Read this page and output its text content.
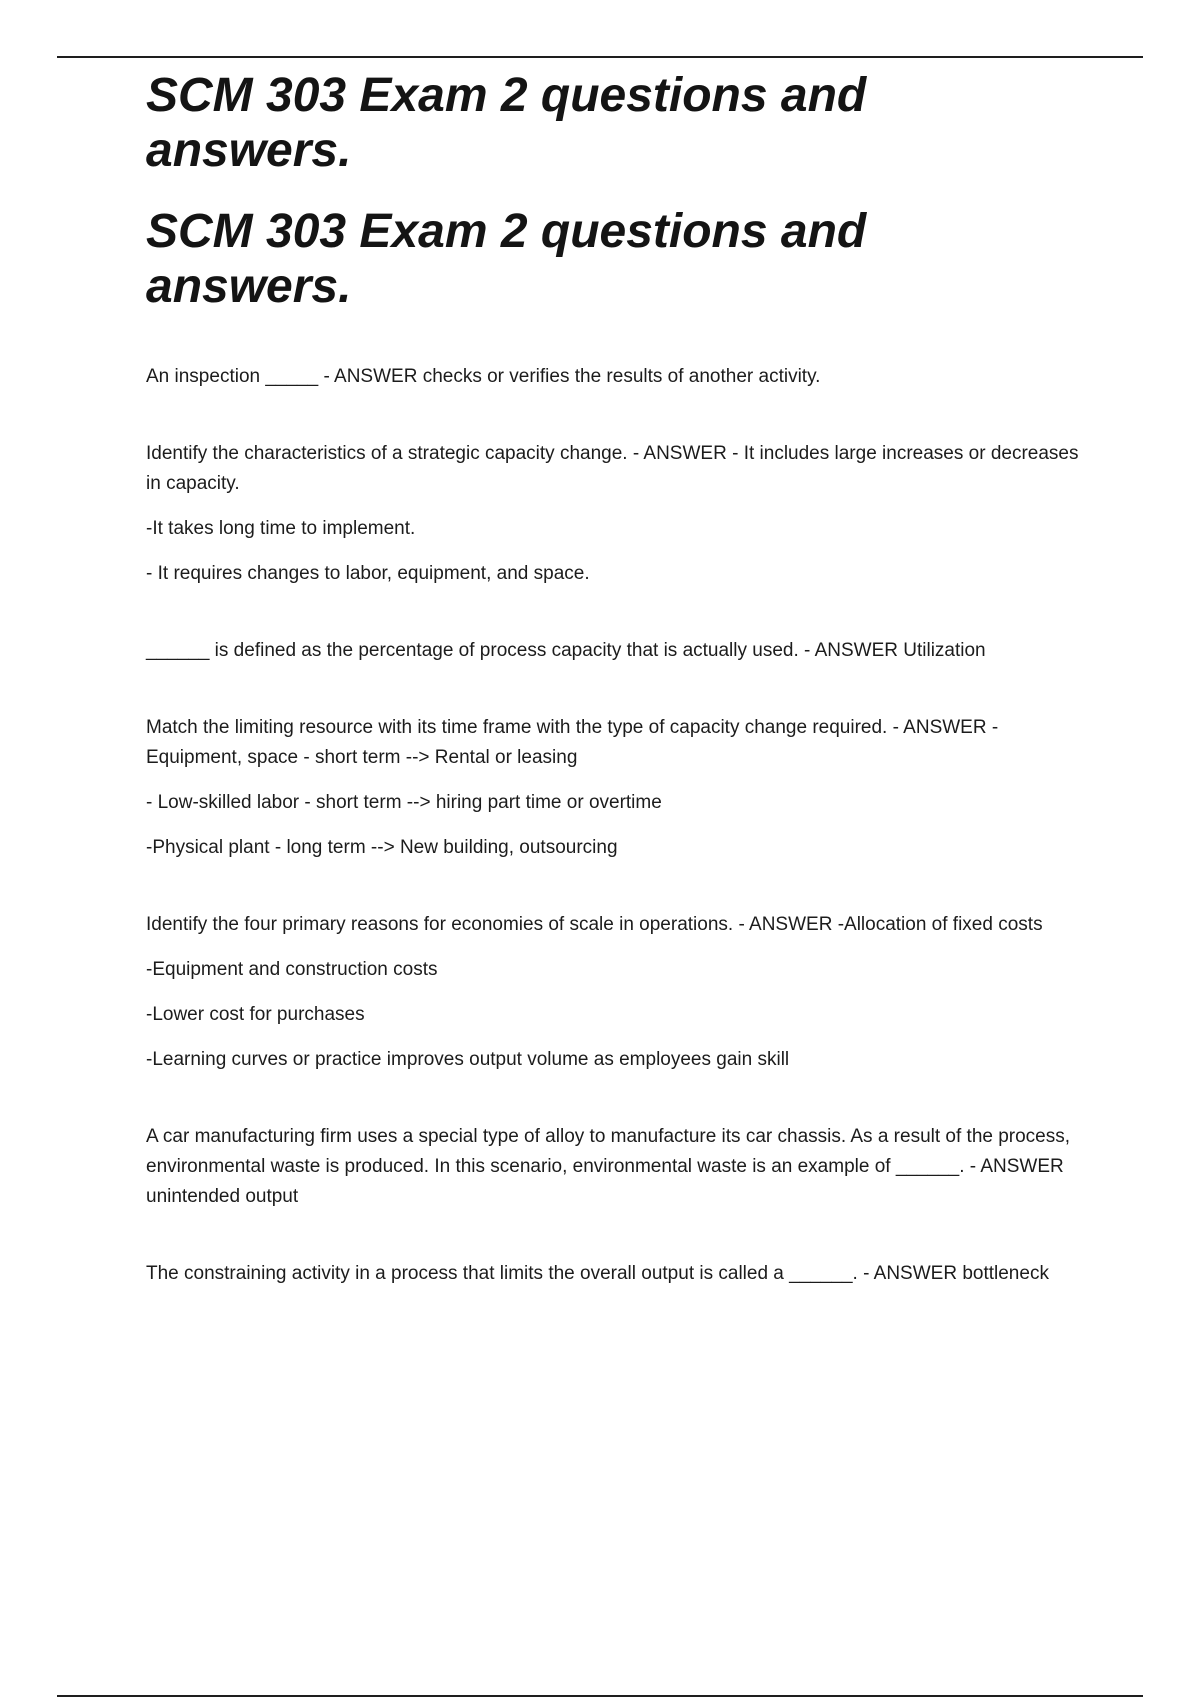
SCM 303 Exam 2 questions and answers.
SCM 303 Exam 2 questions and answers.

An inspection _____ - ANSWER checks or verifies the results of another activity.

Identify the characteristics of a strategic capacity change. - ANSWER - It includes large increases or decreases in capacity.

-It takes long time to implement.

- It requires changes to labor, equipment, and space.

______ is defined as the percentage of process capacity that is actually used. - ANSWER Utilization

Match the limiting resource with its time frame with the type of capacity change required. - ANSWER - Equipment, space - short term --> Rental or leasing

- Low-skilled labor - short term --> hiring part time or overtime

-Physical plant - long term --> New building, outsourcing

Identify the four primary reasons for economies of scale in operations. - ANSWER -Allocation of fixed costs

-Equipment and construction costs

-Lower cost for purchases

-Learning curves or practice improves output volume as employees gain skill

A car manufacturing firm uses a special type of alloy to manufacture its car chassis. As a result of the process, environmental waste is produced. In this scenario, environmental waste is an example of ______. - ANSWER unintended output

The constraining activity in a process that limits the overall output is called a ______. - ANSWER bottleneck
